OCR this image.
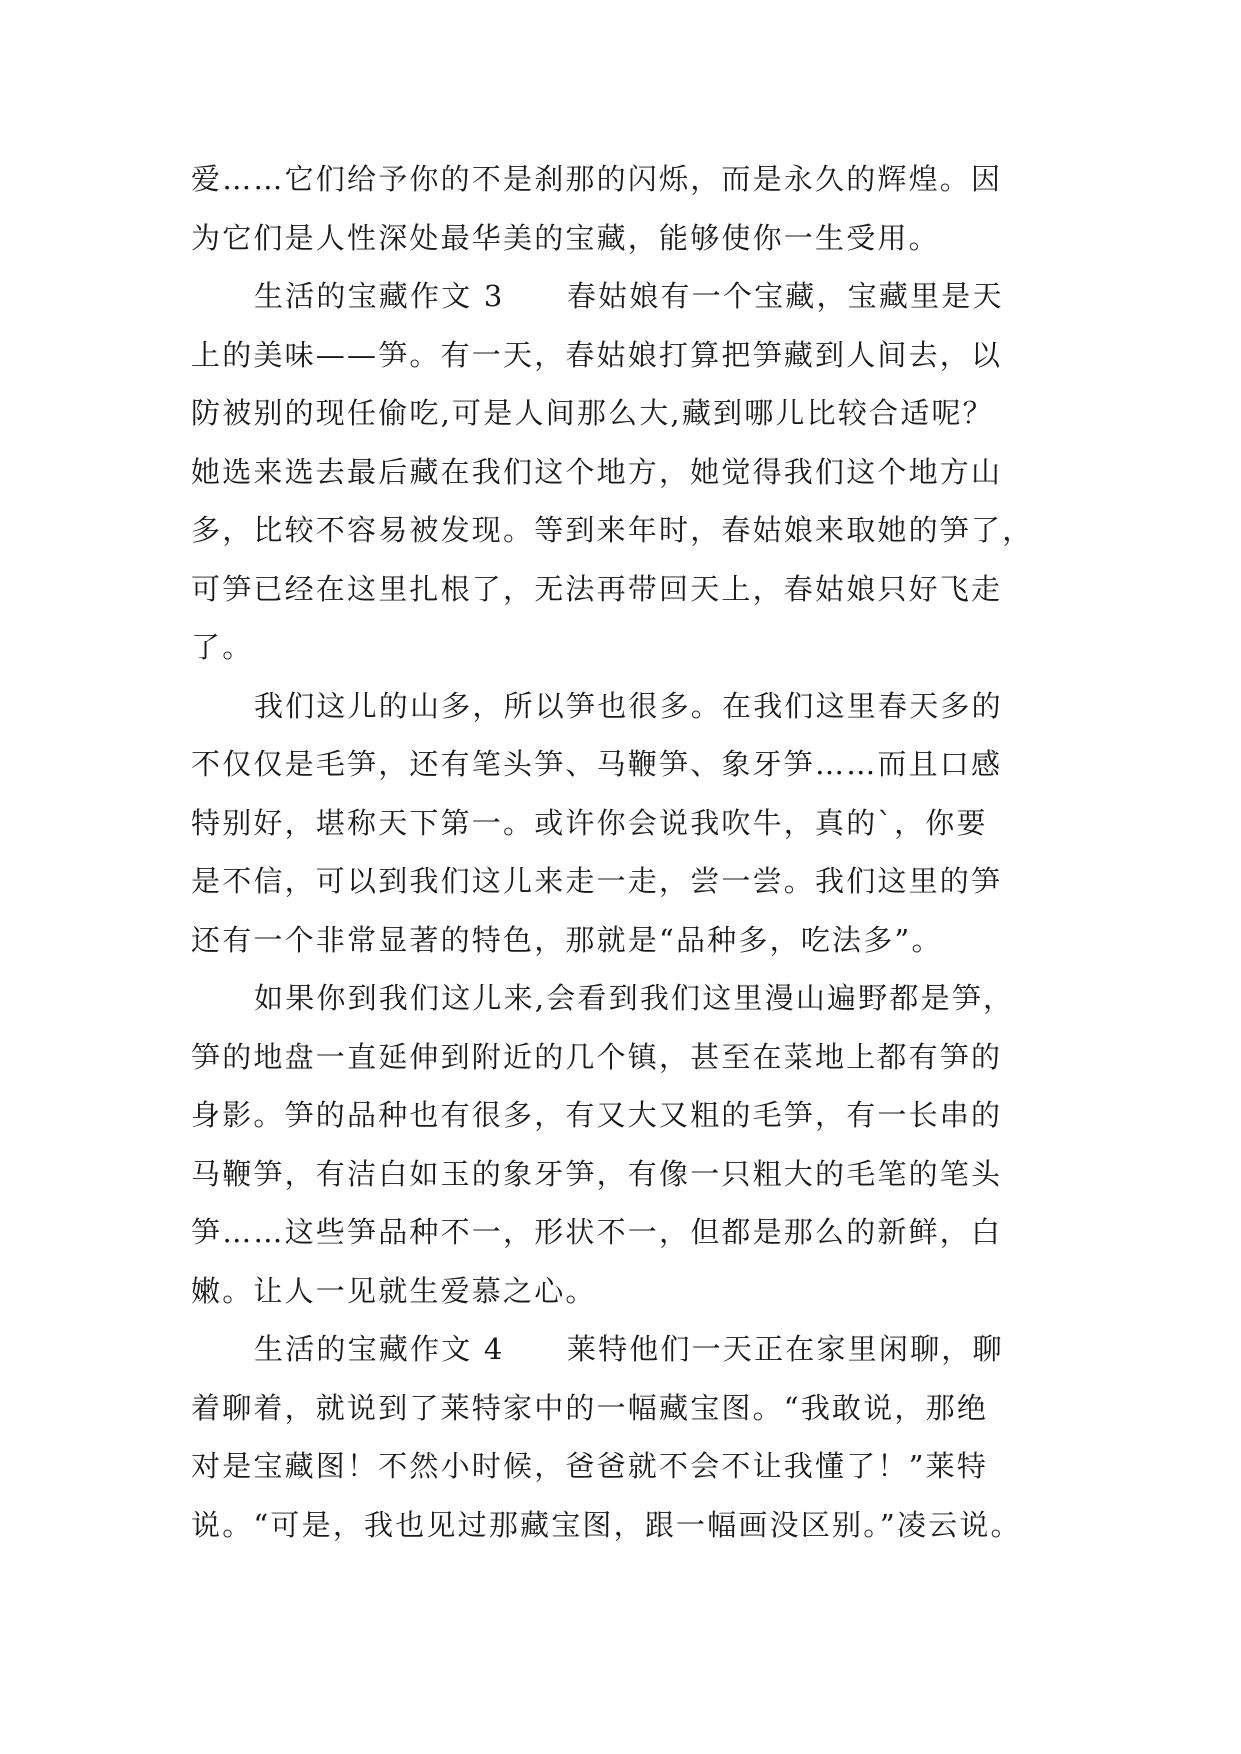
爱……它们给予你的不是刹那的闪烁，而是永久的辉煌。因
为它们是人性深处最华美的宝藏，能够使你一生受用。
生活的宝藏作文 3　　春姑娘有一个宝藏，宝藏里是天
上的美味——笋。有一天，春姑娘打算把笋藏到人间去，以
防被别的现任偷吃,可是人间那么大,藏到哪儿比较合适呢？
她选来选去最后藏在我们这个地方，她觉得我们这个地方山
多，比较不容易被发现。等到来年时，春姑娘来取她的笋了，
可笋已经在这里扎根了，无法再带回天上，春姑娘只好飞走
了。
我们这儿的山多，所以笋也很多。在我们这里春天多的
不仅仅是毛笋，还有笔头笋、马鞭笋、象牙笋……而且口感
特别好，堪称天下第一。或许你会说我吹牛，真的`，你要
是不信，可以到我们这儿来走一走，尝一尝。我们这里的笋
还有一个非常显著的特色，那就是“品种多，吃法多”。
如果你到我们这儿来,会看到我们这里漫山遍野都是笋，
笋的地盘一直延伸到附近的几个镇，甚至在菜地上都有笋的
身影。笋的品种也有很多，有又大又粗的毛笋，有一长串的
马鞭笋，有洁白如玉的象牙笋，有像一只粗大的毛笔的笔头
笋……这些笋品种不一，形状不一，但都是那么的新鲜，白
嫩。让人一见就生爱慕之心。
生活的宝藏作文 4　　莱特他们一天正在家里闲聊，聊
着聊着，就说到了莱特家中的一幅藏宝图。“我敢说，那绝
对是宝藏图！不然小时候，爸爸就不会不让我懂了！”莱特
说。“可是，我也见过那藏宝图，跟一幅画没区别。”凌云说。
